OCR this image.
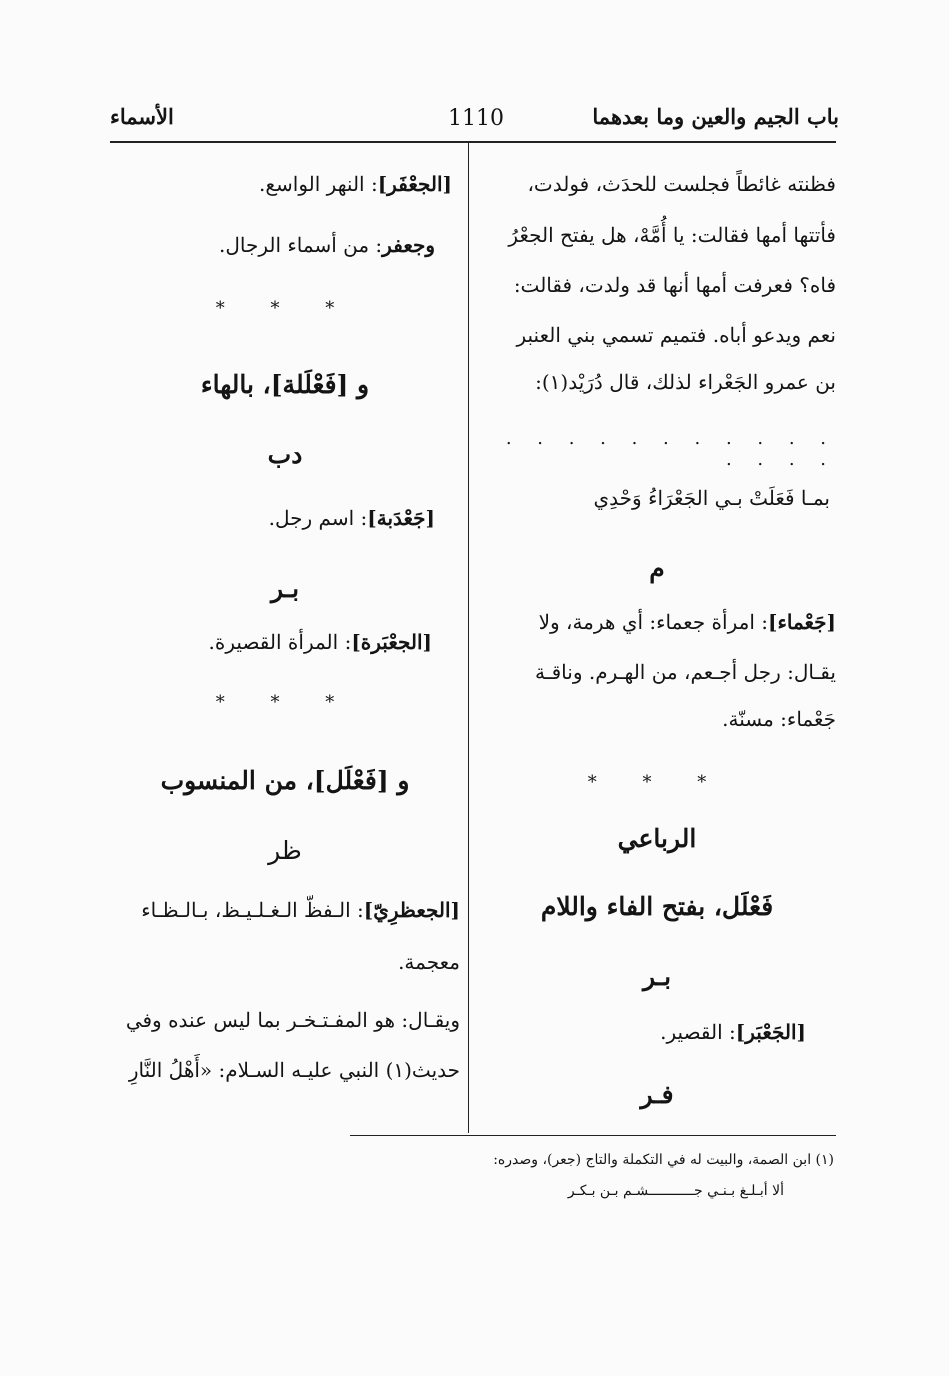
باب الجيم والعين وما بعدهما
1110
الأسماء
فظنته غائطاً فجلست للحدَث، فولدت،
فأتتها أمها فقالت: يا أُمَّهْ، هل يفتح الجعْرُ
فاه؟ فعرفت أمها أنها قد ولدت، فقالت:
نعم ويدعو أباه. فتميم تسمي بني العنبر
بن عمرو الجَعْراء لذلك، قال دُرَيْد(١):
. . . . . . . . . . . . . . .
بمـا فَعَلَتْ بـي الجَعْرَاءُ وَحْدِي
م
[جَعْماء]: امرأة جعماء: أي هرمة، ولا
يقـال: رجل أجـعم، من الهـرم. وناقـة
جَعْماء: مسنّة.
* * *
الرباعي
فَعْلَل، بفتح الفاء واللام
بـر
[الجَعْبَر]: القصير.
فـر
[الجعْفَر]: النهر الواسع.
وجعفر: من أسماء الرجال.
* * *
و [فَعْلَلة]، بالهاء
دب
[جَعْدَبة]: اسم رجل.
بـر
[الجعْبَرة]: المرأة القصيرة.
* * *
و [فَعْلَل]، من المنسوب
ظر
[الجعظرِيّ]: الـفظّ الـغـلـيـظ، بـالـظـاء
معجمة.
ويقـال: هو المفـتـخـر بما ليس عنده وفي
حديث(١) النبي عليـه السـلام: «أَهْلُ النَّارِ
(١) ابن الصمة، والبيت له في التكملة والتاج (جعر)، وصدره:
ألا أبـلـغ بـنـي جـــــــــــشـم بـن بـكـر
